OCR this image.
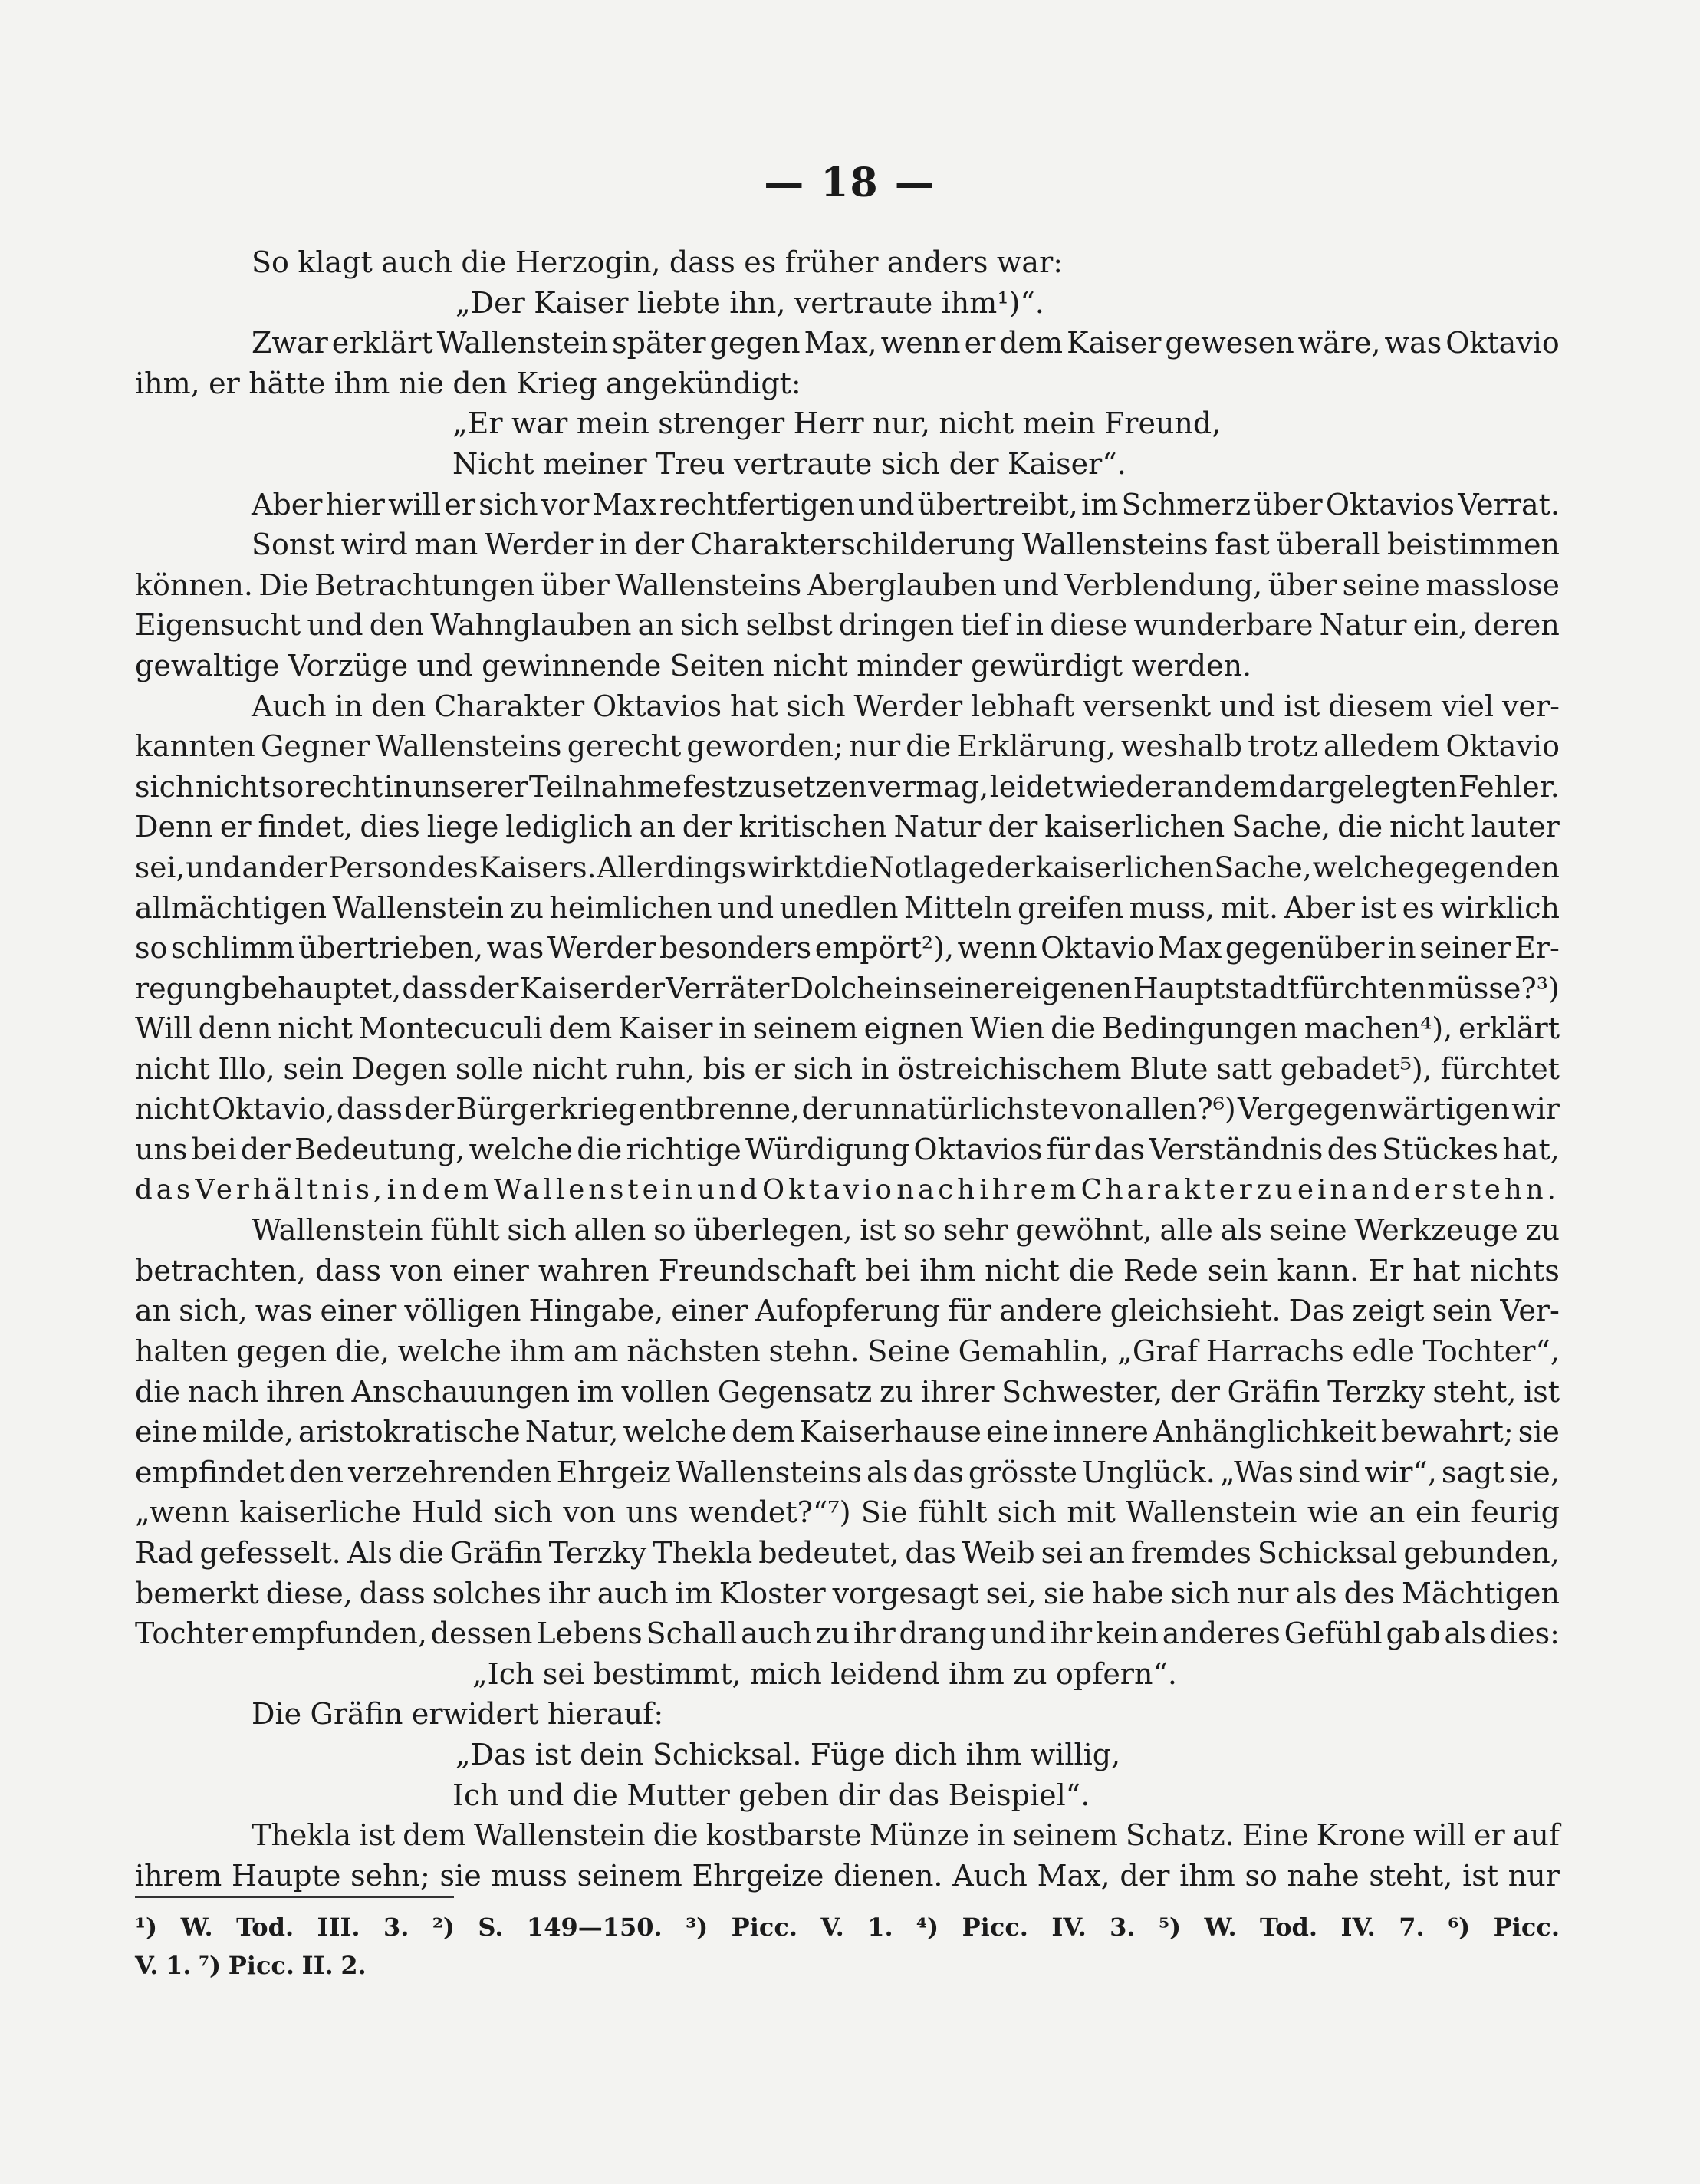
— 18 —
So klagt auch die Herzogin, dass es früher anders war:
„Der Kaiser liebte ihn, vertraute ihm¹)“.
Zwar erklärt Wallenstein später gegen Max, wenn er dem Kaiser gewesen wäre, was Oktavio
ihm, er hätte ihm nie den Krieg angekündigt:
„Er war mein strenger Herr nur, nicht mein Freund,
Nicht meiner Treu vertraute sich der Kaiser“.
Aber hier will er sich vor Max rechtfertigen und übertreibt, im Schmerz über Oktavios Verrat.
Sonst wird man Werder in der Charakterschilderung Wallensteins fast überall beistimmen
können. Die Betrachtungen über Wallensteins Aberglauben und Verblendung, über seine masslose
Eigensucht und den Wahnglauben an sich selbst dringen tief in diese wunderbare Natur ein, deren
gewaltige Vorzüge und gewinnende Seiten nicht minder gewürdigt werden.
Auch in den Charakter Oktavios hat sich Werder lebhaft versenkt und ist diesem viel ver-
kannten Gegner Wallensteins gerecht geworden; nur die Erklärung, weshalb trotz alledem Oktavio
sich nicht so recht in unserer Teilnahme festzusetzen vermag, leidet wieder an dem dargelegten Fehler.
Denn er findet, dies liege lediglich an der kritischen Natur der kaiserlichen Sache, die nicht lauter
sei, und an der Person des Kaisers. Allerdings wirkt die Notlage der kaiserlichen Sache, welche gegen den
allmächtigen Wallenstein zu heimlichen und unedlen Mitteln greifen muss, mit. Aber ist es wirklich
so schlimm übertrieben, was Werder besonders empört²), wenn Oktavio Max gegenüber in seiner Er-
regung behauptet, dass der Kaiser der Verräter Dolche in seiner eigenen Hauptstadt fürchten müsse?³)
Will denn nicht Montecuculi dem Kaiser in seinem eignen Wien die Bedingungen machen⁴), erklärt
nicht Illo, sein Degen solle nicht ruhn, bis er sich in östreichischem Blute satt gebadet⁵), fürchtet
nicht Oktavio, dass der Bürgerkrieg entbrenne, der unnatürlichste von allen?⁶) Vergegenwärtigen wir
uns bei der Bedeutung, welche die richtige Würdigung Oktavios für das Verständnis des Stückes hat,
das Verhältnis, in dem Wallenstein und Oktavio nach ihrem Charakter zu einander stehn.
Wallenstein fühlt sich allen so überlegen, ist so sehr gewöhnt, alle als seine Werkzeuge zu
betrachten, dass von einer wahren Freundschaft bei ihm nicht die Rede sein kann. Er hat nichts
an sich, was einer völligen Hingabe, einer Aufopferung für andere gleichsieht. Das zeigt sein Ver-
halten gegen die, welche ihm am nächsten stehn. Seine Gemahlin, „Graf Harrachs edle Tochter“,
die nach ihren Anschauungen im vollen Gegensatz zu ihrer Schwester, der Gräfin Terzky steht, ist
eine milde, aristokratische Natur, welche dem Kaiserhause eine innere Anhänglichkeit bewahrt; sie
empfindet den verzehrenden Ehrgeiz Wallensteins als das grösste Unglück. „Was sind wir“, sagt sie,
„wenn kaiserliche Huld sich von uns wendet?“⁷) Sie fühlt sich mit Wallenstein wie an ein feurig
Rad gefesselt. Als die Gräfin Terzky Thekla bedeutet, das Weib sei an fremdes Schicksal gebunden,
bemerkt diese, dass solches ihr auch im Kloster vorgesagt sei, sie habe sich nur als des Mächtigen
Tochter empfunden, dessen Lebens Schall auch zu ihr drang und ihr kein anderes Gefühl gab als dies:
„Ich sei bestimmt, mich leidend ihm zu opfern“.
Die Gräfin erwidert hierauf:
„Das ist dein Schicksal. Füge dich ihm willig,
Ich und die Mutter geben dir das Beispiel“.
Thekla ist dem Wallenstein die kostbarste Münze in seinem Schatz. Eine Krone will er auf
ihrem Haupte sehn; sie muss seinem Ehrgeize dienen. Auch Max, der ihm so nahe steht, ist nur
¹) W. Tod. III. 3. ²) S. 149—150. ³) Picc. V. 1. ⁴) Picc. IV. 3. ⁵) W. Tod. IV. 7. ⁶) Picc.
V. 1. ⁷) Picc. II. 2.
